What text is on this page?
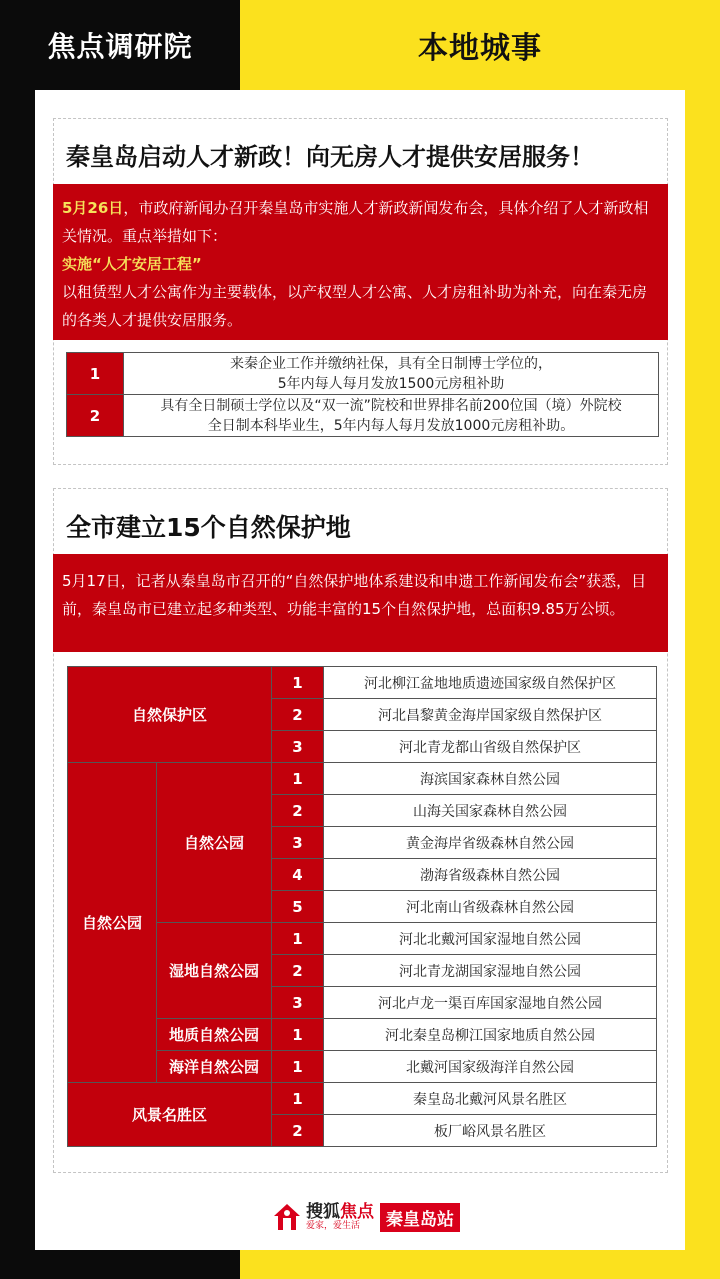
焦点调研院	本地城事
秦皇岛启动人才新政！向无房人才提供安居服务！
5月26日，市政府新闻办召开秦皇岛市实施人才新政新闻发布会，具体介绍了人才新政相关情况。重点举措如下：
实施“人才安居工程”
以租赁型人才公寓作为主要载体，以产权型人才公寓、人才房租补助为补充，向在秦无房的各类人才提供安居服务。
1	来秦企业工作并缴纳社保，具有全日制博士学位的，
5年内每人每月发放1500元房租补助
2	具有全日制硕士学位以及“双一流”院校和世界排名前200位国（境）外院校
全日制本科毕业生，5年内每人每月发放1000元房租补助。
全市建立15个自然保护地
5月17日，记者从秦皇岛市召开的“自然保护地体系建设和申遗工作新闻发布会”获悉，目前，秦皇岛市已建立起多种类型、功能丰富的15个自然保护地，总面积9.85万公顷。
自然保护区		1	河北柳江盆地地质遗迹国家级自然保护区
		2	河北昌黎黄金海岸国家级自然保护区
		3	河北青龙都山省级自然保护区
自然公园	自然公园	1	海滨国家森林自然公园
		2	山海关国家森林自然公园
		3	黄金海岸省级森林自然公园
		4	渤海省级森林自然公园
		5	河北南山省级森林自然公园
	湿地自然公园	1	河北北戴河国家湿地自然公园
		2	河北青龙湖国家湿地自然公园
		3	河北卢龙一渠百库国家湿地自然公园
	地质自然公园	1	河北秦皇岛柳江国家地质自然公园
	海洋自然公园	1	北戴河国家级海洋自然公园
风景名胜区		1	秦皇岛北戴河风景名胜区
		2	板厂峪风景名胜区
搜狐焦点
爱家，爱生活	秦皇岛站
